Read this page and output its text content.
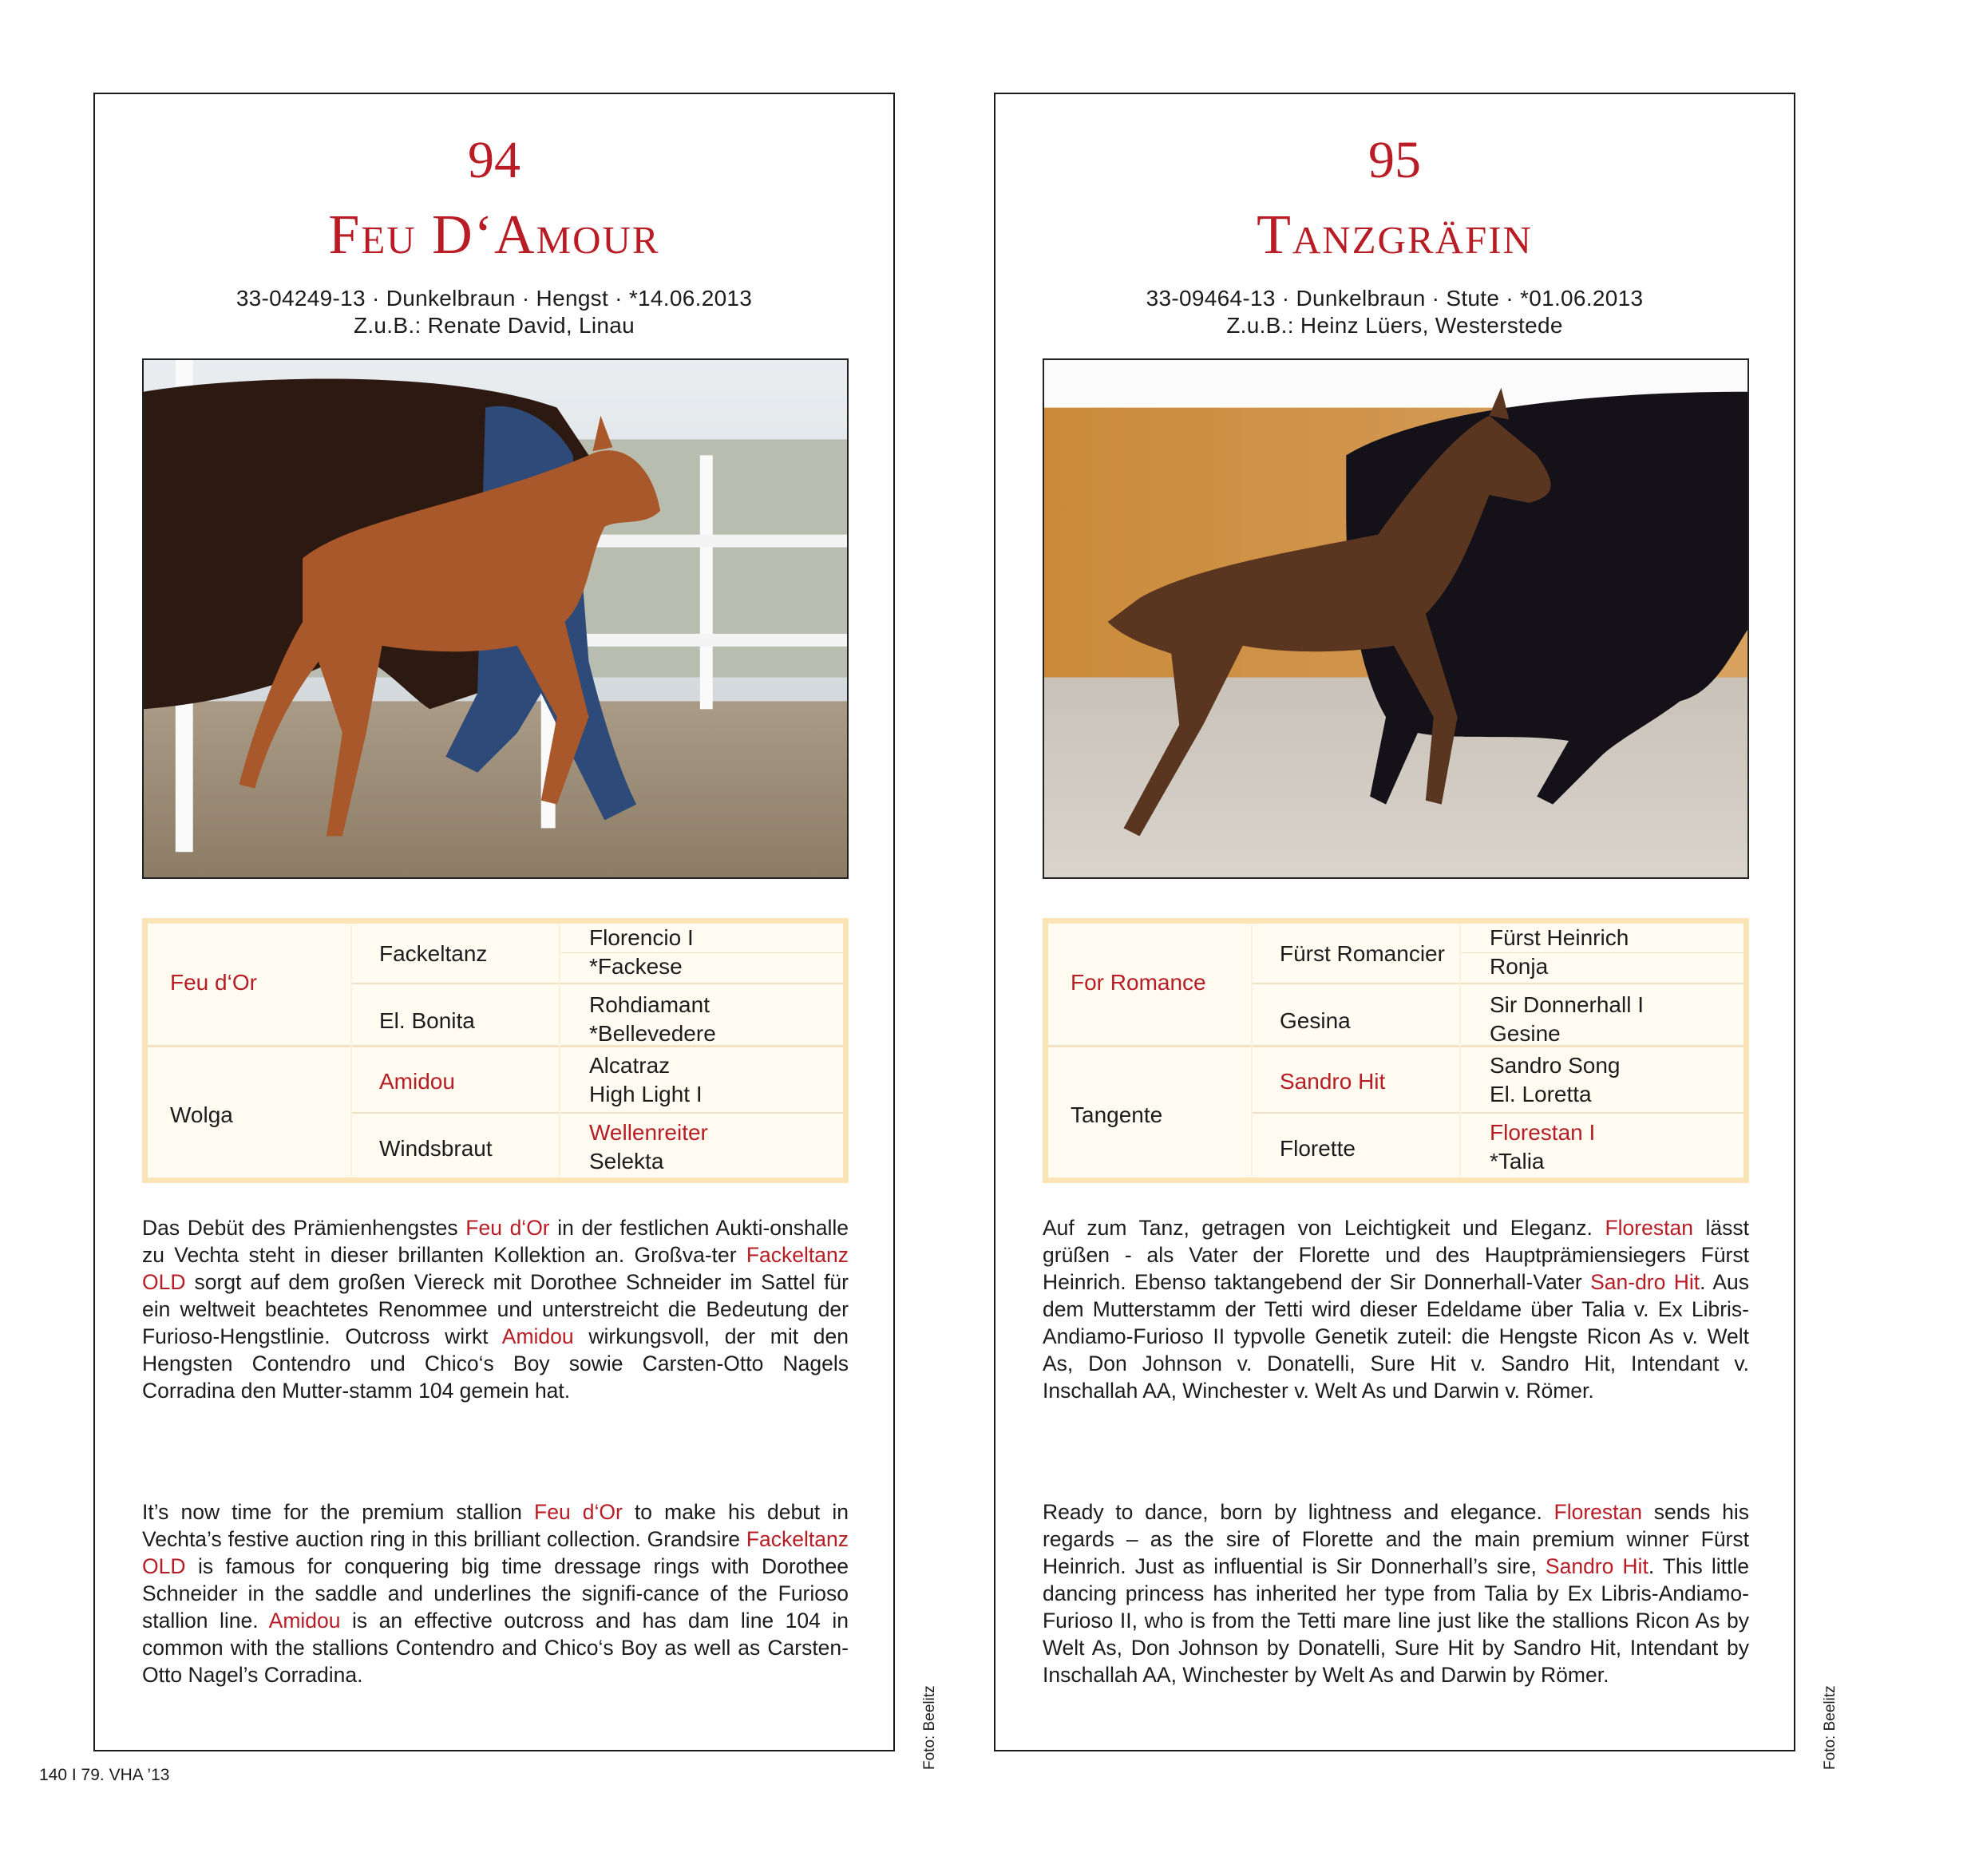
94
Feu D‘Amour
33-04249-13 · Dunkelbraun · Hengst · *14.06.2013
Z.u.B.: Renate David, Linau
Feu d‘Or
Wolga
Fackeltanz
El. Bonita
Amidou
Windsbraut
Florencio I
*Fackese
Rohdiamant
*Bellevedere
Alcatraz
High Light I
Wellenreiter
Selekta
Das Debüt des Prämienhengstes Feu d‘Or in der festlichen Aukti-onshalle zu Vechta steht in dieser brillanten Kollektion an. Großva-ter Fackeltanz OLD sorgt auf dem großen Viereck mit Dorothee Schneider im Sattel für ein weltweit beachtetes Renommee und unterstreicht die Bedeutung der Furioso-Hengstlinie. Outcross wirkt Amidou wirkungsvoll, der mit den Hengsten Contendro und Chico‘s Boy sowie Carsten-Otto Nagels Corradina den Mutter-stamm 104 gemein hat.
It’s now time for the premium stallion Feu d‘Or to make his debut in Vechta’s festive auction ring in this brilliant collection. Grandsire Fackeltanz OLD is famous for conquering big time dressage rings with Dorothee Schneider in the saddle and underlines the signifi-cance of the Furioso stallion line. Amidou is an effective outcross and has dam line 104 in common with the stallions Contendro and Chico‘s Boy as well as Carsten-Otto Nagel’s Corradina.
Foto: Beelitz
95
Tanzgräfin
33-09464-13 · Dunkelbraun · Stute · *01.06.2013
Z.u.B.: Heinz Lüers, Westerstede
For Romance
Tangente
Fürst Romancier
Gesina
Sandro Hit
Florette
Fürst Heinrich
Ronja
Sir Donnerhall I
Gesine
Sandro Song
El. Loretta
Florestan I
*Talia
Auf zum Tanz, getragen von Leichtigkeit und Eleganz. Florestan lässt grüßen - als Vater der Florette und des Hauptprämiensiegers Fürst Heinrich. Ebenso taktangebend der Sir Donnerhall-Vater San-dro Hit. Aus dem Mutterstamm der Tetti wird dieser Edeldame über Talia v. Ex Libris-Andiamo-Furioso II typvolle Genetik zuteil: die Hengste Ricon As v. Welt As, Don Johnson v. Donatelli, Sure Hit v. Sandro Hit, Intendant v. Inschallah AA, Winchester v. Welt As und Darwin v. Römer.
Ready to dance, born by lightness and elegance. Florestan sends his regards – as the sire of Florette and the main premium winner Fürst Heinrich. Just as influential is Sir Donnerhall’s sire, Sandro Hit. This little dancing princess has inherited her type from Talia by Ex Libris-Andiamo-Furioso II, who is from the Tetti mare line just like the stallions Ricon As by Welt As, Don Johnson by Donatelli, Sure Hit by Sandro Hit, Intendant by Inschallah AA, Winchester by Welt As and Darwin by Römer.
Foto: Beelitz
140 I 79. VHA ’13
